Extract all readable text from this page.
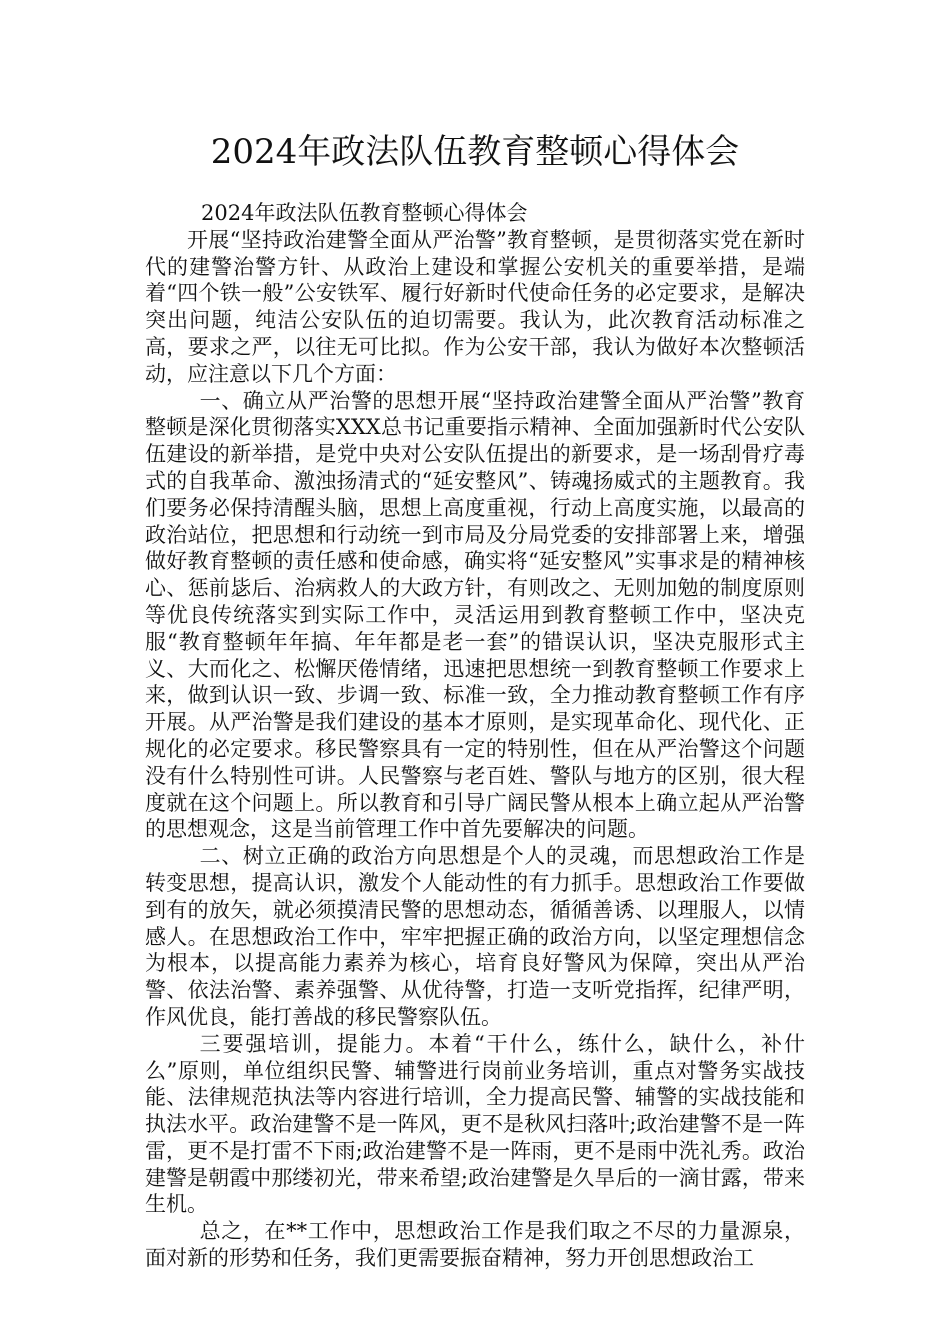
2024年政法队伍教育整顿心得体会

2024年政法队伍教育整顿心得体会

开展“坚持政治建警全面从严治警”教育整顿，是贯彻落实党在新时代的建警治警方针、从政治上建设和掌握公安机关的重要举措，是端着“四个铁一般”公安铁军、履行好新时代使命任务的必定要求，是解决突出问题，纯洁公安队伍的迫切需要。我认为，此次教育活动标准之高，要求之严，以往无可比拟。作为公安干部，我认为做好本次整顿活动，应注意以下几个方面：

一、确立从严治警的思想开展“坚持政治建警全面从严治警”教育整顿是深化贯彻落实XXX总书记重要指示精神、全面加强新时代公安队伍建设的新举措，是党中央对公安队伍提出的新要求，是一场刮骨疗毒式的自我革命、激浊扬清式的“延安整风”、铸魂扬威式的主题教育。我们要务必保持清醒头脑，思想上高度重视，行动上高度实施，以最高的政治站位，把思想和行动统一到市局及分局党委的安排部署上来，增强做好教育整顿的责任感和使命感，确实将“延安整风”实事求是的精神核心、惩前毖后、治病救人的大政方针，有则改之、无则加勉的制度原则等优良传统落实到实际工作中，灵活运用到教育整顿工作中，坚决克服“教育整顿年年搞、年年都是老一套”的错误认识，坚决克服形式主义、大而化之、松懈厌倦情绪，迅速把思想统一到教育整顿工作要求上来，做到认识一致、步调一致、标准一致，全力推动教育整顿工作有序开展。从严治警是我们建设的基本才原则，是实现革命化、现代化、正规化的必定要求。移民警察具有一定的特别性，但在从严治警这个问题没有什么特别性可讲。人民警察与老百姓、警队与地方的区别，很大程度就在这个问题上。所以教育和引导广阔民警从根本上确立起从严治警的思想观念，这是当前管理工作中首先要解决的问题。

二、树立正确的政治方向思想是个人的灵魂，而思想政治工作是转变思想，提高认识，激发个人能动性的有力抓手。思想政治工作要做到有的放矢，就必须摸清民警的思想动态，循循善诱、以理服人，以情感人。在思想政治工作中，牢牢把握正确的政治方向，以坚定理想信念为根本，以提高能力素养为核心，培育良好警风为保障，突出从严治警、依法治警、素养强警、从优待警，打造一支听党指挥，纪律严明，作风优良，能打善战的移民警察队伍。

三要强培训，提能力。本着“干什么，练什么，缺什么，补什么”原则，单位组织民警、辅警进行岗前业务培训，重点对警务实战技能、法律规范执法等内容进行培训，全力提高民警、辅警的实战技能和执法水平。政治建警不是一阵风，更不是秋风扫落叶;政治建警不是一阵雷，更不是打雷不下雨;政治建警不是一阵雨，更不是雨中洗礼秀。政治建警是朝霞中那缕初光，带来希望;政治建警是久旱后的一滴甘露，带来生机。

总之，在**工作中，思想政治工作是我们取之不尽的力量源泉，面对新的形势和任务，我们更需要振奋精神，努力开创思想政治工
